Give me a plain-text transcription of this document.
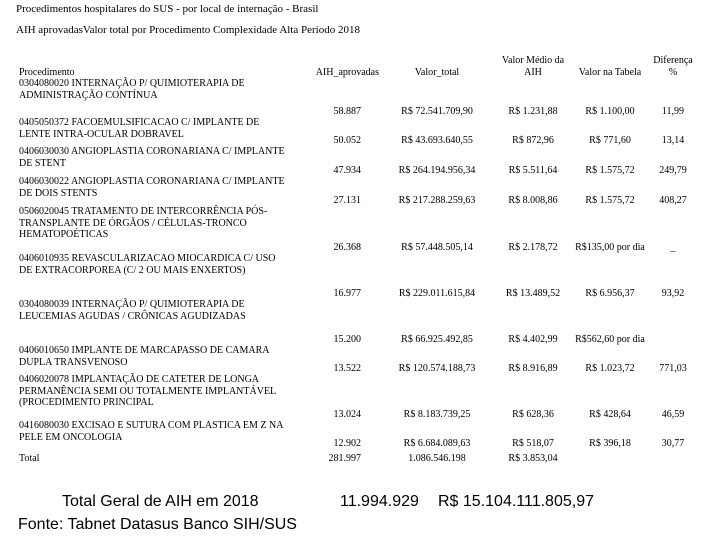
Procedimentos hospitalares do SUS - por local de internação - Brasil
AIH aprovadasValor total por Procedimento Complexidade Alta Período 2018
Procedimento	AIH_aprovadas	Valor_total	Valor Médio da AIH	Valor na Tabela	Diferença %
0304080020 INTERNAÇÃO P/ QUIMIOTERAPIA DE ADMINISTRAÇÃO CONTÍNUA	58.887	R$ 72.541.709,90	R$ 1.231,88	R$ 1.100,00	11,99
0405050372 FACOEMULSIFICACAO C/ IMPLANTE DE LENTE INTRA-OCULAR DOBRAVEL	50.052	R$ 43.693.640,55	R$ 872,96	R$ 771,60	13,14
0406030030 ANGIOPLASTIA CORONARIANA C/ IMPLANTE DE STENT	47.934	R$ 264.194.956,34	R$ 5.511,64	R$ 1.575,72	249,79
0406030022 ANGIOPLASTIA CORONARIANA C/ IMPLANTE DE DOIS STENTS	27.131	R$ 217.288.259,63	R$ 8.008,86	R$ 1.575,72	408,27
0506020045 TRATAMENTO DE INTERCORRÊNCIA PÓS-TRANSPLANTE DE ÓRGÃOS / CÉLULAS-TRONCO HEMATOPOÉTICAS	26.368	R$ 57.448.505,14	R$ 2.178,72	R$135,00 por dia	_
0406010935 REVASCULARIZACAO MIOCARDICA C/ USO DE EXTRACORPOREA (C/ 2 OU MAIS ENXERTOS)	16.977	R$ 229.011.615,84	R$ 13.489,52	R$ 6.956,37	93,92
0304080039 INTERNAÇÃO P/ QUIMIOTERAPIA DE LEUCEMIAS AGUDAS / CRÔNICAS AGUDIZADAS	15.200	R$ 66.925.492,85	R$ 4.402,99	R$562,60 por dia	
0406010650 IMPLANTE DE MARCAPASSO DE CAMARA DUPLA TRANSVENOSO	13.522	R$ 120.574.188,73	R$ 8.916,89	R$ 1.023,72	771,03
0406020078 IMPLANTAÇÃO DE CATETER DE LONGA PERMANÊNCIA SEMI OU TOTALMENTE IMPLANTÁVEL (PROCEDIMENTO PRINCIPAL	13.024	R$ 8.183.739,25	R$ 628,36	R$ 428,64	46,59
0416080030 EXCISAO E SUTURA COM PLASTICA EM Z NA PELE EM ONCOLOGIA	12.902	R$ 6.684.089,63	R$ 518,07	R$ 396,18	30,77
Total	281.997	1.086.546.198	R$ 3.853,04		
Total Geral de AIH em 2018	11.994.929 R$ 15.104.111.805,97
Fonte: Tabnet Datasus Banco SIH/SUS
